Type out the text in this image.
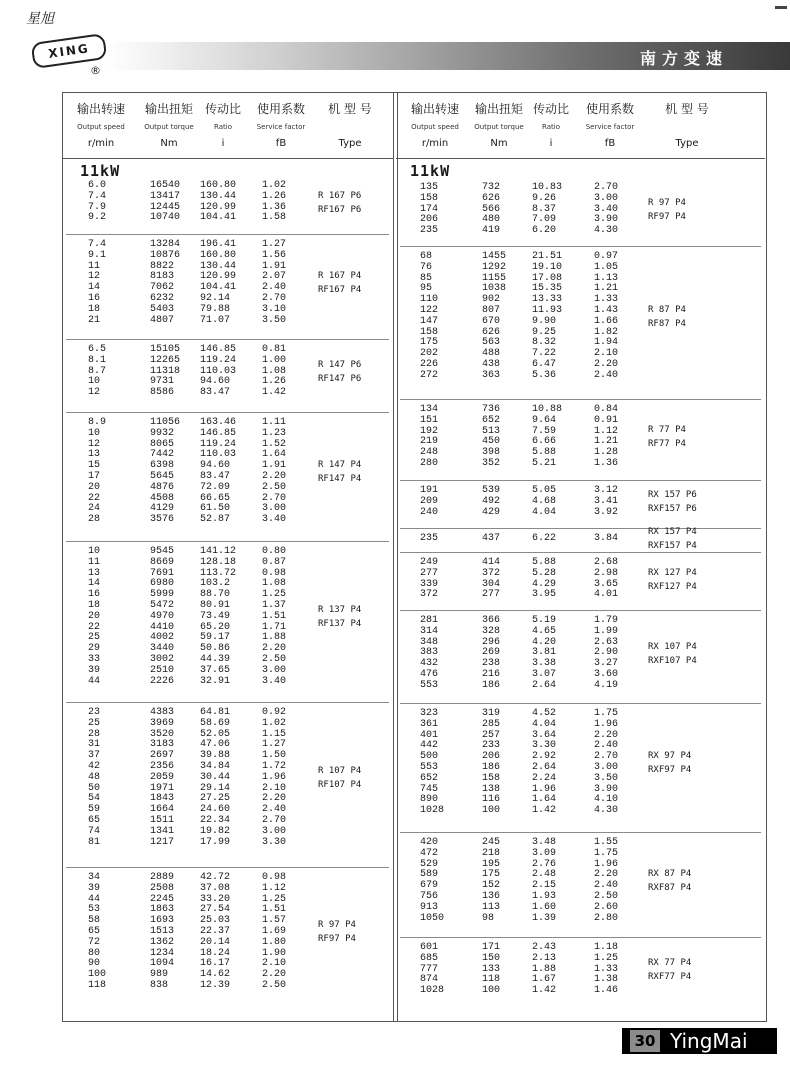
星旭
XING
®
南方变速
输出转速
Output speed
r/min
输出扭矩
Output torque
Nm
传动比
Ratio
i
使用系数
Service factor
fB
机 型 号
Type
输出转速
Output speed
r/min
输出扭矩
Output torque
Nm
传动比
Ratio
i
使用系数
Service factor
fB
机 型 号
Type
11kW	11kW
6.0	16540 160.80	1.02
7.4	13417 130.44	1.26
7.9	12445 120.99	1.36
9.2	10740 104.41	1.58
R 167 P6
RF167 P6
7.4	13284 196.41	1.27
9.1	10876 160.80	1.56
11	8822	130.44	1.91
12	8183	120.99	2.07
14	7062	104.41	2.40
16	6232	92.14	2.70
18	5403	79.88	3.10
21	4807	71.07	3.50
R 167 P4
RF167 P4
6.5	15105 146.85	0.81
8.1	12265 119.24	1.00
8.7	11318 110.03	1.08
10	9731	94.60	1.26
12	8586	83.47	1.42
R 147 P6
RF147 P6
8.9	11056 163.46	1.11
10	9932	146.85	1.23
12	8065	119.24	1.52
13	7442	110.03	1.64
15	6398	94.60	1.91
17	5645	83.47	2.20
20	4876	72.09	2.50
22	4508	66.65	2.70
24	4129	61.50	3.00
28	3576	52.87	3.40
R 147 P4
RF147 P4
10	9545	141.12	0.80
11	8669	128.18	0.87
13	7691	113.72	0.98
14	6980	103.2	1.08
16	5999	88.70	1.25
18	5472	80.91	1.37
20	4970	73.49	1.51
22	4410	65.20	1.71
25	4002	59.17	1.88
29	3440	50.86	2.20
33	3002	44.39	2.50
39	2510	37.65	3.00
44	2226	32.91	3.40
R 137 P4
RF137 P4
23	4383	64.81	0.92
25	3969	58.69	1.02
28	3520	52.05	1.15
31	3183	47.06	1.27
37	2697	39.88	1.50
42	2356	34.84	1.72
48	2059	30.44	1.96
50	1971	29.14	2.10
54	1843	27.25	2.20
59	1664	24.60	2.40
65	1511	22.34	2.70
74	1341	19.82	3.00
81	1217	17.99	3.30
R 107 P4
RF107 P4
34	2889	42.72	0.98
39	2508	37.08	1.12
44	2245	33.20	1.25
53	1863	27.54	1.51
58	1693	25.03	1.57
65	1513	22.37	1.69
72	1362	20.14	1.80
80	1234	18.24	1.90
90	1094	16.17	2.10
100	989	14.62	2.20
118	838	12.39	2.50
R 97 P4
RF97 P4
135	732	10.83	2.70
158	626	9.26	3.00
174	566	8.37	3.40
206	480	7.09	3.90
235	419	6.20	4.30
R 97 P4
RF97 P4
68	1455	21.51	0.97
76	1292	19.10	1.05
85	1155	17.08	1.13
95	1038	15.35	1.21
110	902	13.33	1.33
122	807	11.93	1.43
147	670	9.90	1.66
158	626	9.25	1.82
175	563	8.32	1.94
202	488	7.22	2.10
226	438	6.47	2.20
272	363	5.36	2.40
R 87 P4
RF87 P4
134	736	10.88	0.84
151	652	9.64	0.91
192	513	7.59	1.12
219	450	6.66	1.21
248	398	5.88	1.28
280	352	5.21	1.36
R 77 P4
RF77 P4
191	539	5.05	3.12
209	492	4.68	3.41
240	429	4.04	3.92
RX 157 P6
RXF157 P6
235	437	6.22	3.84
RX 157 P4
RXF157 P4
249	414	5.88	2.68
277	372	5.28	2.98
339	304	4.29	3.65
372	277	3.95	4.01
RX 127 P4
RXF127 P4
281	366	5.19	1.79
314	328	4.65	1.99
348	296	4.20	2.63
383	269	3.81	2.90
432	238	3.38	3.27
476	216	3.07	3.60
553	186	2.64	4.19
RX 107 P4
RXF107 P4
323	319	4.52	1.75
361	285	4.04	1.96
401	257	3.64	2.20
442	233	3.30	2.40
500	206	2.92	2.70
553	186	2.64	3.00
652	158	2.24	3.50
745	138	1.96	3.90
890	116	1.64	4.10
1028	100	1.42	4.30
RX 97 P4
RXF97 P4
420	245	3.48	1.55
472	218	3.09	1.75
529	195	2.76	1.96
589	175	2.48	2.20
679	152	2.15	2.40
756	136	1.93	2.50
913	113	1.60	2.60
1050	98	1.39	2.80
RX 87 P4
RXF87 P4
601	171	2.43	1.18
685	150	2.13	1.25
777	133	1.88	1.33
874	118	1.67	1.38
1028	100	1.42	1.46
RX 77 P4
RXF77 P4
30 YingMai
